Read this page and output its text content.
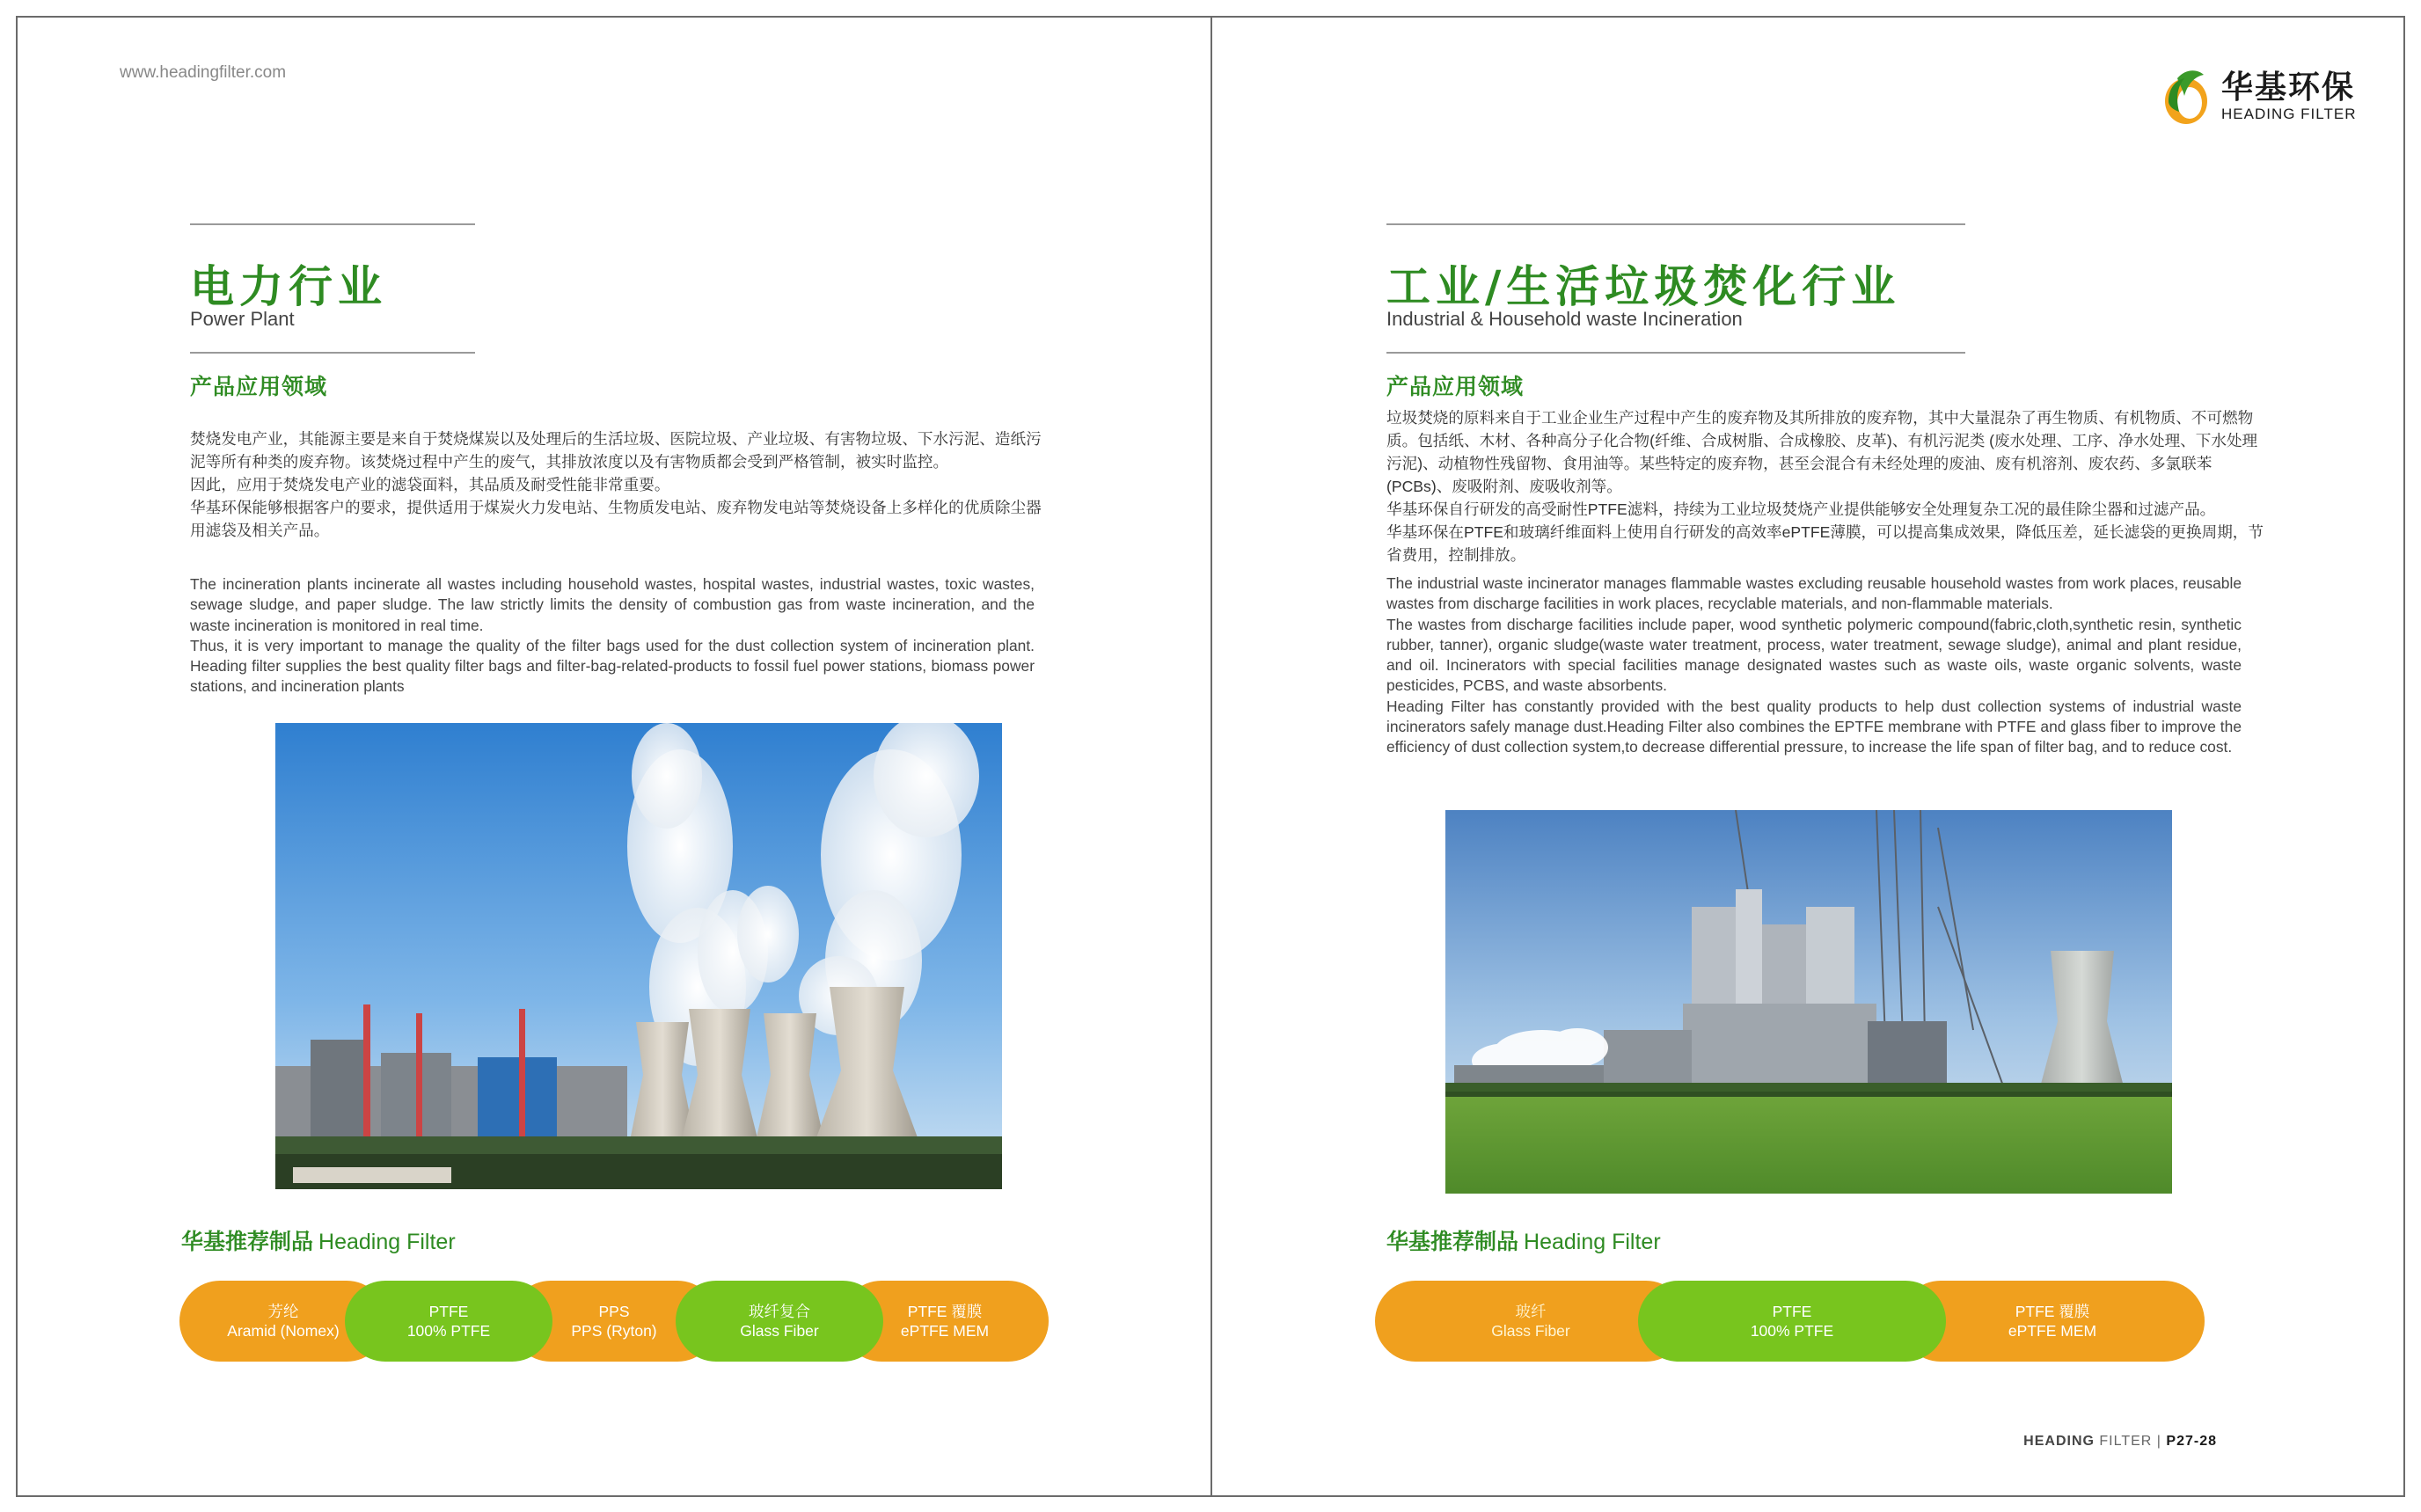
www.headingfilter.com
电力行业
Power Plant
产品应用领域

焚烧发电产业，其能源主要是来自于焚烧煤炭以及处理后的生活垃圾、医院垃圾、产业垃圾、有害物垃圾、下水污泥、造纸污泥等所有种类的废弃物。该焚烧过程中产生的废气，其排放浓度以及有害物质都会受到严格管制，被实时监控。

因此，应用于焚烧发电产业的滤袋面料，其品质及耐受性能非常重要。

华基环保能够根据客户的要求，提供适用于煤炭火力发电站、生物质发电站、废弃物发电站等焚烧设备上多样化的优质除尘器用滤袋及相关产品。

The incineration plants incinerate all wastes including household wastes, hospital wastes, industrial wastes, toxic wastes, sewage sludge, and paper sludge. The law strictly limits the density of combustion gas from waste incineration, and the waste incineration is monitored in real time.

Thus, it is very important to manage the quality of the filter bags used for the dust collection system of incineration plant. Heading filter supplies the best quality filter bags and filter-bag-related-products to fossil fuel power stations, biomass power stations, and incineration plants

华基推荐制品 Heading Filter
芳纶
Aramid (Nomex)
PTFE
100% PTFE
PPS
PPS (Ryton)
玻纤复合
Glass Fiber
PTFE 覆膜
ePTFE MEM
华基环保
HEADING FILTER
工业/生活垃圾焚化行业
Industrial & Household waste Incineration
产品应用领域

垃圾焚烧的原料来自于工业企业生产过程中产生的废弃物及其所排放的废弃物，其中大量混杂了再生物质、有机物质、不可燃物质。包括纸、木材、各种高分子化合物(纤维、合成树脂、合成橡胶、皮革)、有机污泥类 (废水处理、工序、净水处理、下水处理污泥)、动植物性残留物、食用油等。某些特定的废弃物，甚至会混合有未经处理的废油、废有机溶剂、废农药、多氯联苯(PCBs)、废吸附剂、废吸收剂等。

华基环保自行研发的高受耐性PTFE滤料，持续为工业垃圾焚烧产业提供能够安全处理复杂工况的最佳除尘器和过滤产品。

华基环保在PTFE和玻璃纤维面料上使用自行研发的高效率ePTFE薄膜，可以提高集成效果，降低压差，延长滤袋的更换周期，节省费用，控制排放。

The industrial waste incinerator manages flammable wastes excluding reusable household wastes from work places, reusable wastes from discharge facilities in work places, recyclable materials, and non-flammable materials.

The wastes from discharge facilities include paper, wood synthetic polymeric compound(fabric,cloth,synthetic resin, synthetic rubber, tanner), organic sludge(waste water treatment, process, water treatment, sewage sludge), animal and plant residue, and oil. Incinerators with special facilities manage designated wastes such as waste oils, waste organic solvents, waste pesticides, PCBS, and waste absorbents.

Heading Filter has constantly provided with the best quality products to help dust collection systems of industrial waste incinerators safely manage dust.Heading Filter also combines the EPTFE membrane with PTFE and glass fiber to improve the efficiency of dust collection system,to decrease differential pressure, to increase the life span of filter bag, and to reduce cost.

华基推荐制品 Heading Filter
玻纤
Glass Fiber
PTFE
100% PTFE
PTFE 覆膜
ePTFE MEM
HEADING FILTER | P27-28
